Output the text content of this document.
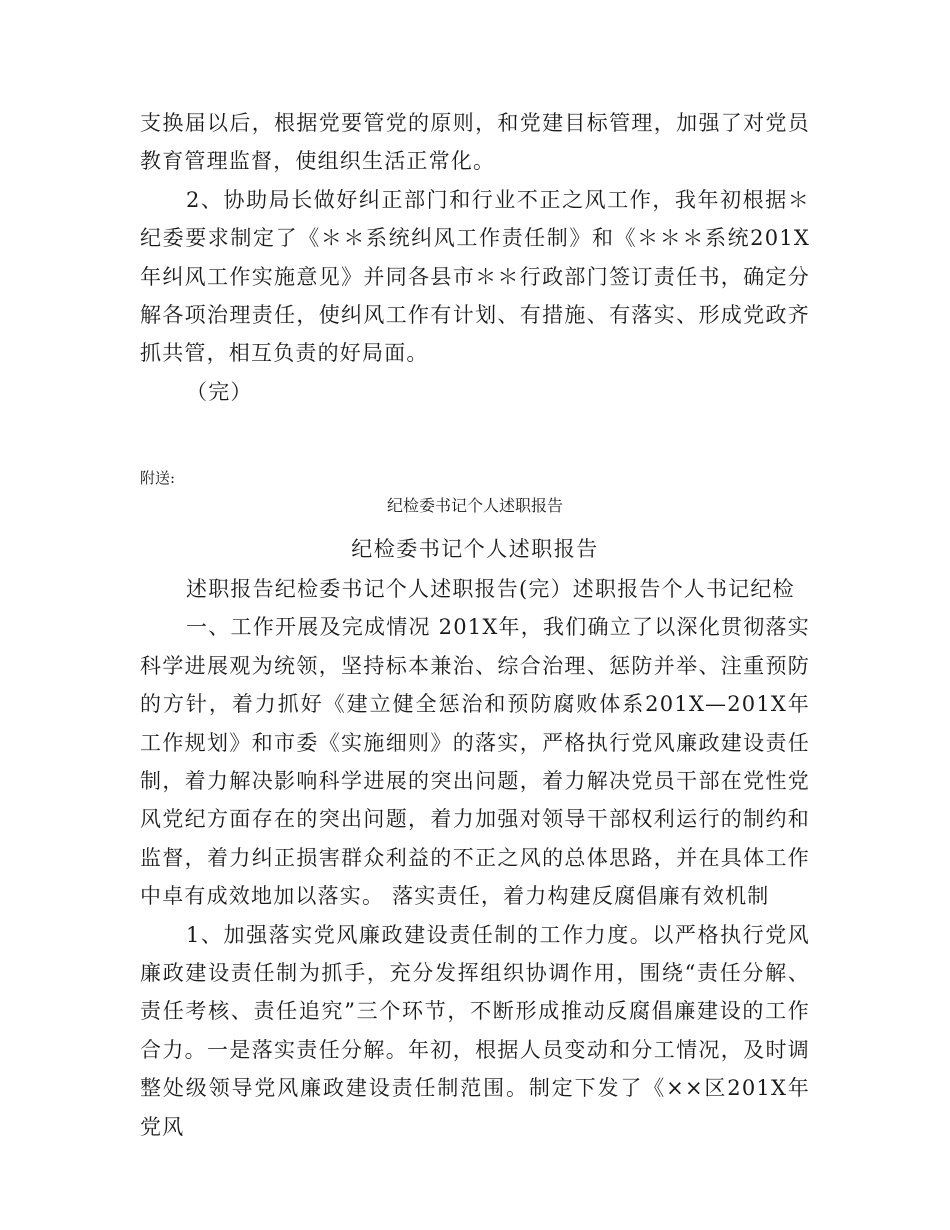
支换届以后，根据党要管党的原则，和党建目标管理，加强了对党员教育管理监督，使组织生活正常化。

2、协助局长做好纠正部门和行业不正之风工作，我年初根据＊纪委要求制定了《＊＊系统纠风工作责任制》和《＊＊＊系统201X年纠风工作实施意见》并同各县市＊＊行政部门签订责任书，确定分解各项治理责任，使纠风工作有计划、有措施、有落实、形成党政齐抓共管，相互负责的好局面。

（完）

附送:

纪检委书记个人述职报告

纪检委书记个人述职报告

述职报告纪检委书记个人述职报告(完）述职报告个人书记纪检

一、工作开展及完成情况 201X年，我们确立了以深化贯彻落实科学进展观为统领，坚持标本兼治、综合治理、惩防并举、注重预防的方针，着力抓好《建立健全惩治和预防腐败体系201X—201X年工作规划》和市委《实施细则》的落实，严格执行党风廉政建设责任制，着力解决影响科学进展的突出问题，着力解决党员干部在党性党风党纪方面存在的突出问题，着力加强对领导干部权利运行的制约和监督，着力纠正损害群众利益的不正之风的总体思路，并在具体工作中卓有成效地加以落实。 落实责任，着力构建反腐倡廉有效机制

1、加强落实党风廉政建设责任制的工作力度。以严格执行党风廉政建设责任制为抓手，充分发挥组织协调作用，围绕“责任分解、责任考核、责任追究”三个环节，不断形成推动反腐倡廉建设的工作合力。一是落实责任分解。年初，根据人员变动和分工情况，及时调整处级领导党风廉政建设责任制范围。制定下发了《××区201X年党风
